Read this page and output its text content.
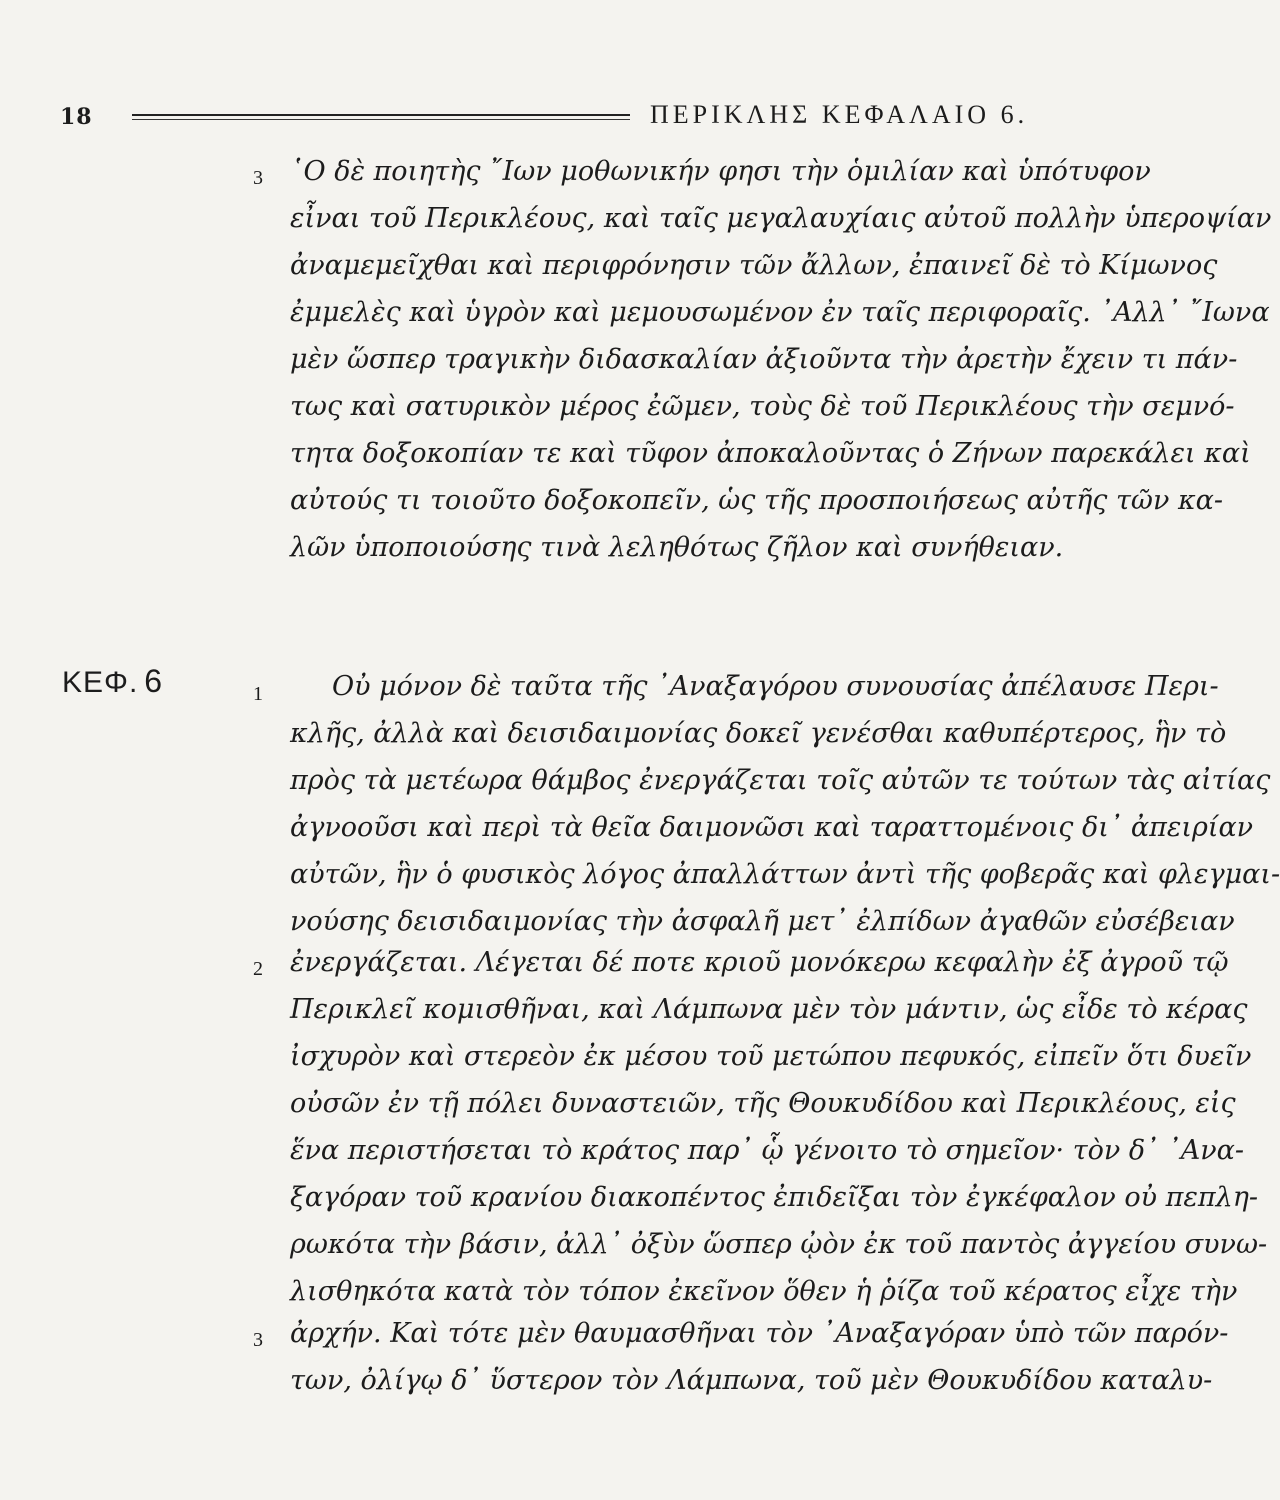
18	ΠΕΡΙΚΛΗΣ ΚΕΦΑΛΑΙΟ 6.
3 ῾Ο δὲ ποιητὴς ῎Ιων μοθωνικήν φησι τὴν ὁμιλίαν καὶ ὑπότυφον
εἶναι τοῦ Περικλέους, καὶ ταῖς μεγαλαυχίαις αὐτοῦ πολλὴν ὑπεροψίαν
ἀναμεμεῖχθαι καὶ περιφρόνησιν τῶν ἄλλων, ἐπαινεῖ δὲ τὸ Κίμωνος
ἐμμελὲς καὶ ὑγρὸν καὶ μεμουσωμένον ἐν ταῖς περιφοραῖς. ᾿Αλλ᾿ ῎Ιωνα
μὲν ὥσπερ τραγικὴν διδασκαλίαν ἀξιοῦντα τὴν ἀρετὴν ἔχειν τι πάν-
τως καὶ σατυρικὸν μέρος ἐῶμεν, τοὺς δὲ τοῦ Περικλέους τὴν σεμνό-
τητα δοξοκοπίαν τε καὶ τῦφον ἀποκαλοῦντας ὁ Ζήνων παρεκάλει καὶ
αὐτούς τι τοιοῦτο δοξοκοπεῖν, ὡς τῆς προσποιήσεως αὐτῆς τῶν κα-
λῶν ὑποποιούσης τινὰ λεληθότως ζῆλον καὶ συνήθειαν.
ΚΕΦ. 6	1	Οὐ μόνον δὲ ταῦτα τῆς ᾿Αναξαγόρου συνουσίας ἀπέλαυσε Περι-
κλῆς, ἀλλὰ καὶ δεισιδαιμονίας δοκεῖ γενέσθαι καθυπέρτερος, ἣν τὸ
πρὸς τὰ μετέωρα θάμβος ἐνεργάζεται τοῖς αὐτῶν τε τούτων τὰς αἰτίας
ἀγνοοῦσι καὶ περὶ τὰ θεῖα δαιμονῶσι καὶ ταραττομένοις δι᾿ ἀπειρίαν
αὐτῶν, ἣν ὁ φυσικὸς λόγος ἀπαλλάττων ἀντὶ τῆς φοβερᾶς καὶ φλεγμαι-
νούσης δεισιδαιμονίας τὴν ἀσφαλῆ μετ᾿ ἐλπίδων ἀγαθῶν εὐσέβειαν
2 ἐνεργάζεται. Λέγεται δέ ποτε κριοῦ μονόκερω κεφαλὴν ἐξ ἀγροῦ τῷ
Περικλεῖ κομισθῆναι, καὶ Λάμπωνα μὲν τὸν μάντιν, ὡς εἶδε τὸ κέρας
ἰσχυρὸν καὶ στερεὸν ἐκ μέσου τοῦ μετώπου πεφυκός, εἰπεῖν ὅτι δυεῖν
οὐσῶν ἐν τῇ πόλει δυναστειῶν, τῆς Θουκυδίδου καὶ Περικλέους, εἰς
ἕνα περιστήσεται τὸ κράτος παρ᾿ ᾧ γένοιτο τὸ σημεῖον· τὸν δ᾿ ᾿Ανα-
ξαγόραν τοῦ κρανίου διακοπέντος ἐπιδεῖξαι τὸν ἐγκέφαλον οὐ πεπλη-
ρωκότα τὴν βάσιν, ἀλλ᾿ ὀξὺν ὥσπερ ᾠὸν ἐκ τοῦ παντὸς ἀγγείου συνω-
λισθηκότα κατὰ τὸν τόπον ἐκεῖνον ὅθεν ἡ ῥίζα τοῦ κέρατος εἶχε τὴν
3 ἀρχήν. Καὶ τότε μὲν θαυμασθῆναι τὸν ᾿Αναξαγόραν ὑπὸ τῶν παρόν-
των, ὀλίγῳ δ᾿ ὕστερον τὸν Λάμπωνα, τοῦ μὲν Θουκυδίδου καταλυ-
